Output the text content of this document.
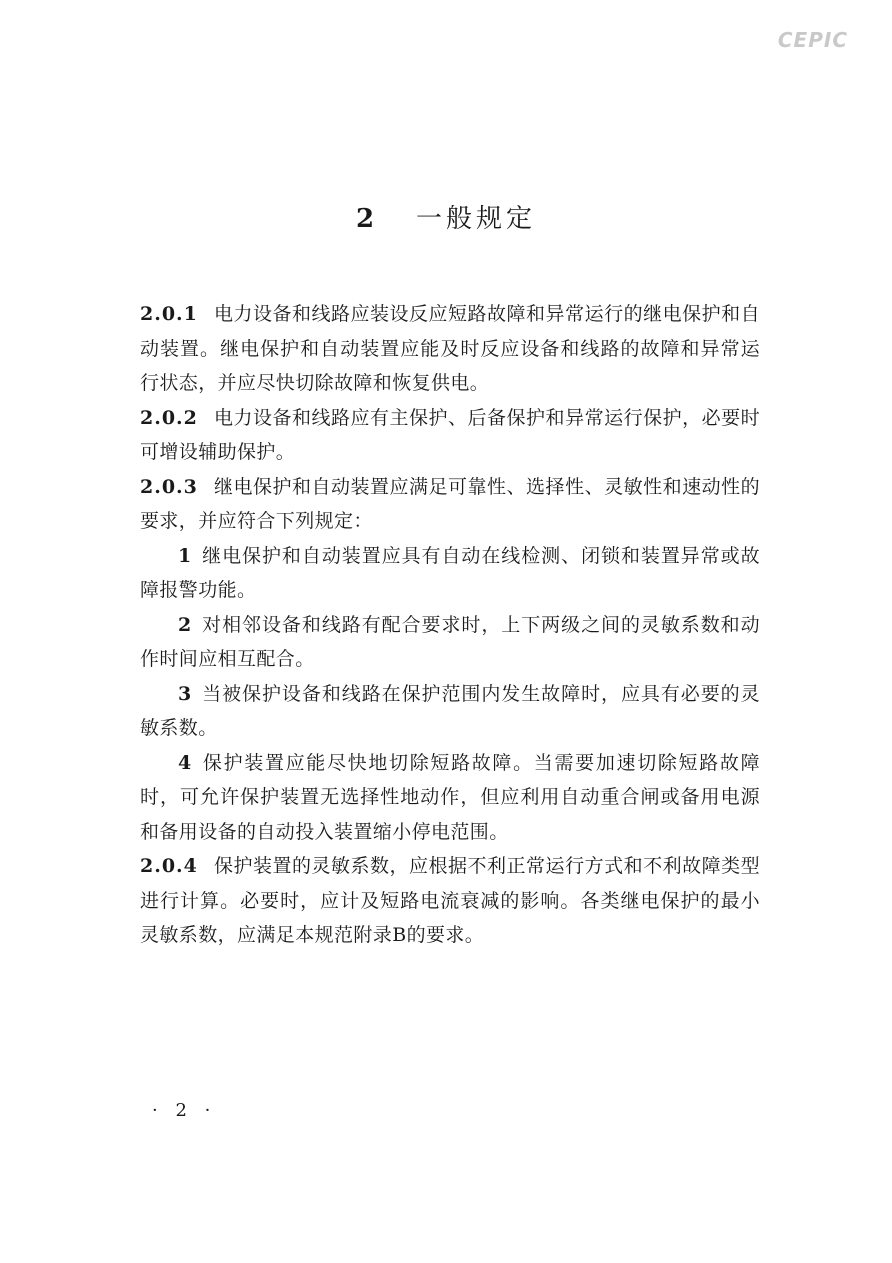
CEPIC
2 一般规定

2.0.1 电力设备和线路应装设反应短路故障和异常运行的继电保护和自动装置。继电保护和自动装置应能及时反应设备和线路的故障和异常运行状态，并应尽快切除故障和恢复供电。

2.0.2 电力设备和线路应有主保护、后备保护和异常运行保护，必要时可增设辅助保护。

2.0.3 继电保护和自动装置应满足可靠性、选择性、灵敏性和速动性的要求，并应符合下列规定：

1 继电保护和自动装置应具有自动在线检测、闭锁和装置异常或故障报警功能。

2 对相邻设备和线路有配合要求时，上下两级之间的灵敏系数和动作时间应相互配合。

3 当被保护设备和线路在保护范围内发生故障时，应具有必要的灵敏系数。

4 保护装置应能尽快地切除短路故障。当需要加速切除短路故障时，可允许保护装置无选择性地动作，但应利用自动重合闸或备用电源和备用设备的自动投入装置缩小停电范围。

2.0.4 保护装置的灵敏系数，应根据不利正常运行方式和不利故障类型进行计算。必要时，应计及短路电流衰减的影响。各类继电保护的最小灵敏系数，应满足本规范附录B的要求。

· 2 ·
